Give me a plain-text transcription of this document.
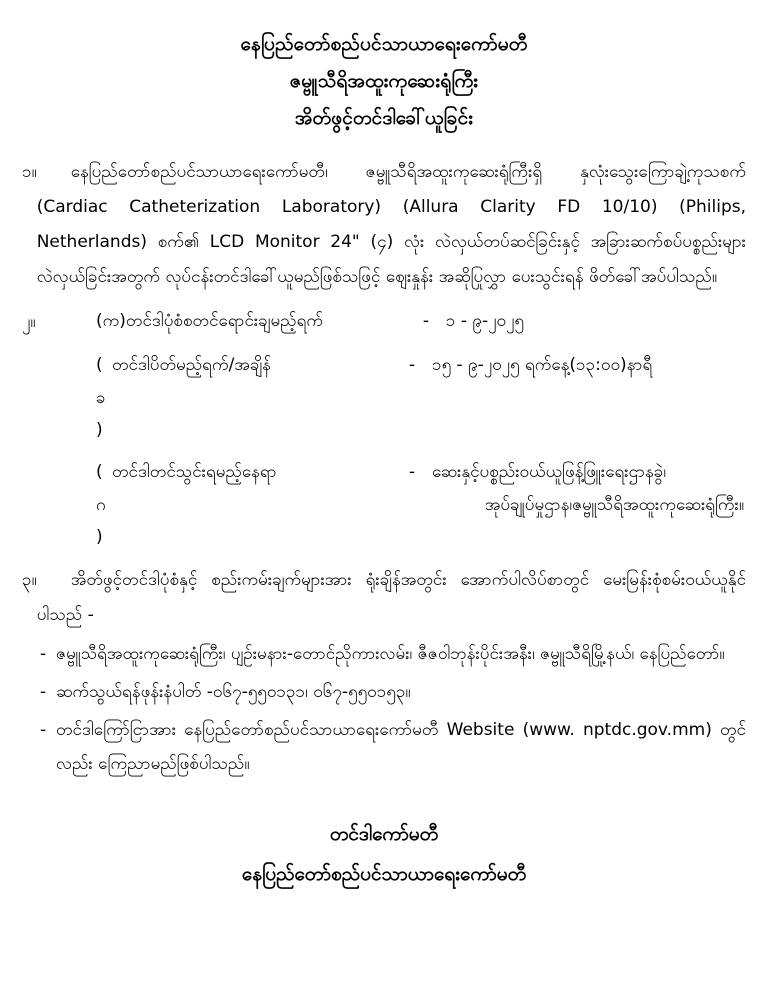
နေပြည်တော်စည်ပင်သာယာရေးကော်မတီ
ဇမ္ဗူသီရိအထူးကုဆေးရုံကြီး
အိတ်ဖွင့်တင်ဒါခေါ်ယူခြင်း
၁။	နေပြည်တော်စည်ပင်သာယာရေးကော်မတီ၊ ဇမ္ဗူသီရိအထူးကုဆေးရုံကြီးရှိ နှလုံးသွေးကြောချဲ့ကုသစက် (Cardiac Catheterization Laboratory) (Allura Clarity FD 10/10) (Philips, Netherlands) စက်၏ LCD Monitor 24" (၄) လုံး လဲလှယ်တပ်ဆင်ခြင်းနှင့် အခြားဆက်စပ်ပစ္စည်းများလဲလှယ်ခြင်းအတွက် လုပ်ငန်းတင်ဒါခေါ်ယူမည်ဖြစ်သဖြင့် ဈေးနှုန်း အဆိုပြုလွှာ ပေးသွင်းရန် ဖိတ်ခေါ်အပ်ပါသည်။
၂။	(က) တင်ဒါပုံစံစတင်ရောင်းချမည့်ရက်	- ၁ - ၉-၂၀၂၅
( ခ )
တင်ဒါပိတ်မည့်ရက်/အချိန်	- ၁၅ - ၉-၂၀၂၅ ရက်နေ့(၁၃:၀၀)နာရီ
( ဂ )
တင်ဒါတင်သွင်းရမည့်နေရာ	- ဆေးနှင့်ပစ္စည်းဝယ်ယူဖြန့်ဖြူးရေးဌာနခွဲ၊
အုပ်ချုပ်မှုဌာန၊ဇမ္ဗူသီရိအထူးကုဆေးရုံကြီး။
၃။	အိတ်ဖွင့်တင်ဒါပုံစံနှင့် စည်းကမ်းချက်များအား ရုံးချိန်အတွင်း အောက်ပါလိပ်စာတွင် မေးမြန်းစုံစမ်းဝယ်ယူနိုင်ပါသည် -
- ဇမ္ဗူသီရိအထူးကုဆေးရုံကြီး၊ ပျဉ်းမနား-တောင်ညိုကားလမ်း၊ ဇီဇဝါဘုန်းပိုင်းအနီး၊ ဇမ္ဗူသီရိမြို့နယ်၊ နေပြည်တော်။
- ဆက်သွယ်ရန်ဖုန်းနံပါတ် -၀၆၇-၅၅၀၁၃၁၊ ၀၆၇-၅၅၀၁၅၃။
- တင်ဒါကြော်ငြာအား နေပြည်တော်စည်ပင်သာယာရေးကော်မတီ Website (www. nptdc.gov.mm) တွင်လည်း ကြေညာမည်ဖြစ်ပါသည်။
တင်ဒါကော်မတီ
နေပြည်တော်စည်ပင်သာယာရေးကော်မတီ
